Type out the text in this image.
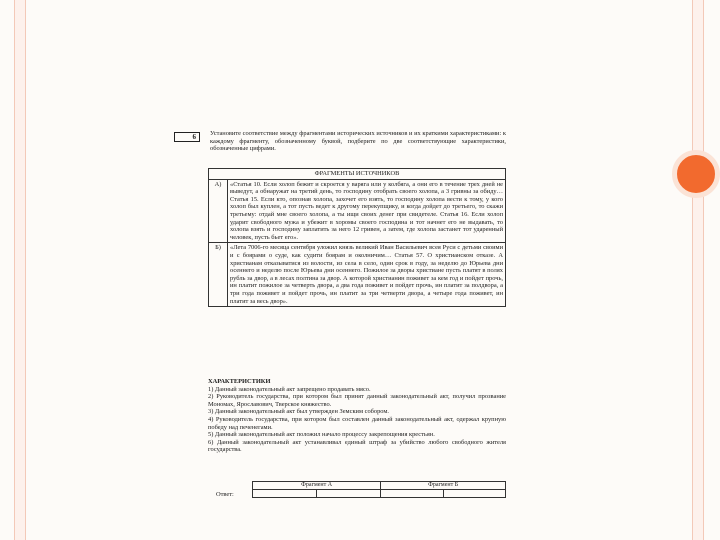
6	Установите соответствие между фрагментами исторических источников и их краткими характеристиками: к каждому фрагменту, обозначенному буквой, подберите по две соответствующие характеристики, обозначенные цифрами.
ФРАГМЕНТЫ ИСТОЧНИКОВ	
А)	«Статья 10. Если холоп бежит и скроется у варяга или у колбяга, а они его в течение трех дней не выведут, а обнаружат на третий день, то господину отобрать своего холопа, а 3 гривны за обиду… Статья 15. Если кто, опознав холопа, захочет его взять, то господину холопа вести к тому, у кого холоп был куплен, а тот пусть ведет к другому перекупщику, и когда дойдет до третьего, то скажи третьему: отдай мне своего холопа, а ты ищи своих денег при свидетеле. Статья 16. Если холоп ударит свободного мужа и убежит в хоромы своего господина и тот начнет его не выдавать, то холопа взять и господину заплатить за него 12 гривен, а затем, где холопа застанет тот ударенный человек, пусть бьет его».
Б)	«Лета 7006-го месяца сентября уложил князь великий Иван Васильевич всея Руси с детьми своими и с боярами о суде, как судити боярам и околничим… Статья 57. О христианском отказе. А христианам отказыватися из волости, из села в село, один срок в году, за неделю до Юрьева дни осеннего и неделю после Юрьева дни осеннего. Пожилое за дворы христиане пусть платят в полях рубль за двор, а в лесах полтина за двор. А которой христианин поживет за кем год и пойдет прочь, ин платит пожилое за четверть двора, а два года поживет и пойдет прочь, ин платит за полдвора, а три года поживет и пойдет прочь, ин платит за три четверти двора, а четыре года поживет, ин платит за весь двор».
ХАРАКТЕРИСТИКИ
1) Данный законодательный акт запрещено продавать мясо.
2) Руководитель государства, при котором был принят данный законодательный акт, получил прозвание Мономах, Ярославович, Тверское княжество.
3) Данный законодательный акт был утвержден Земским собором.
4) Руководитель государства, при котором был составлен данный законодательный акт, одержал крупную победу над печенегами.
5) Данный законодательный акт положил начало процессу закрепощения крестьян.
6) Данный законодательный акт устанавливал единый штраф за убийство любого свободного жителя государства.
Ответ:
Фрагмент А		Фрагмент Б	
